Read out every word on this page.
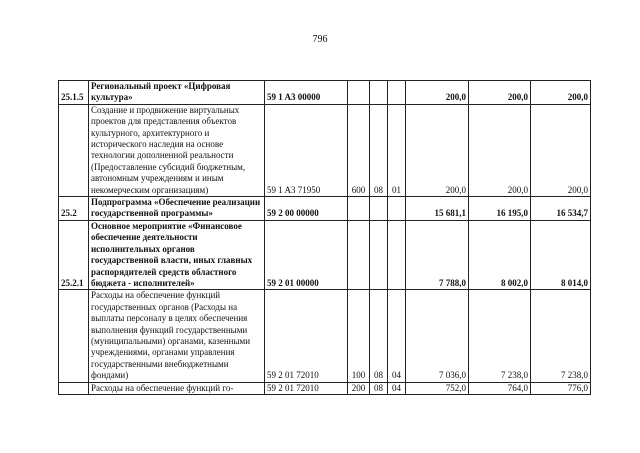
796
25.1.5	Региональный проект «Цифровая культура»	59 1 A3 00000				200,0	200,0	200,0
	Создание и продвижение виртуальных проектов для представления объектов культурного, архитектурного и исторического наследия на основе технологии дополненной реальности (Предоставление субсидий бюджетным, автономным учреждениям и иным некомерческим организациям)	59 1 A3 71950	600	08	01	200,0	200,0	200,0
25.2	Подпрограмма «Обеспечение реализации государственной программы»	59 2 00 00000				15 681,1	16 195,0	16 534,7
25.2.1	Основное мероприятие «Финансовое обеспечение деятельности исполнительных органов государственной власти, иных главных распорядителей средств областного бюджета - исполнителей»	59 2 01 00000				7 788,0	8 002,0	8 014,0
	Расходы на обеспечение функций государственных органов (Расходы на выплаты персоналу в целях обеспечения выполнения функций государственными (муниципальными) органами, казенными учреждениями, органами управления государственными внебюджетными фондами)	59 2 01 72010	100	08	04	7 036,0	7 238,0	7 238,0
	Расходы на обеспечение функций го-	59 2 01 72010	200	08	04	752,0	764,0	776,0
